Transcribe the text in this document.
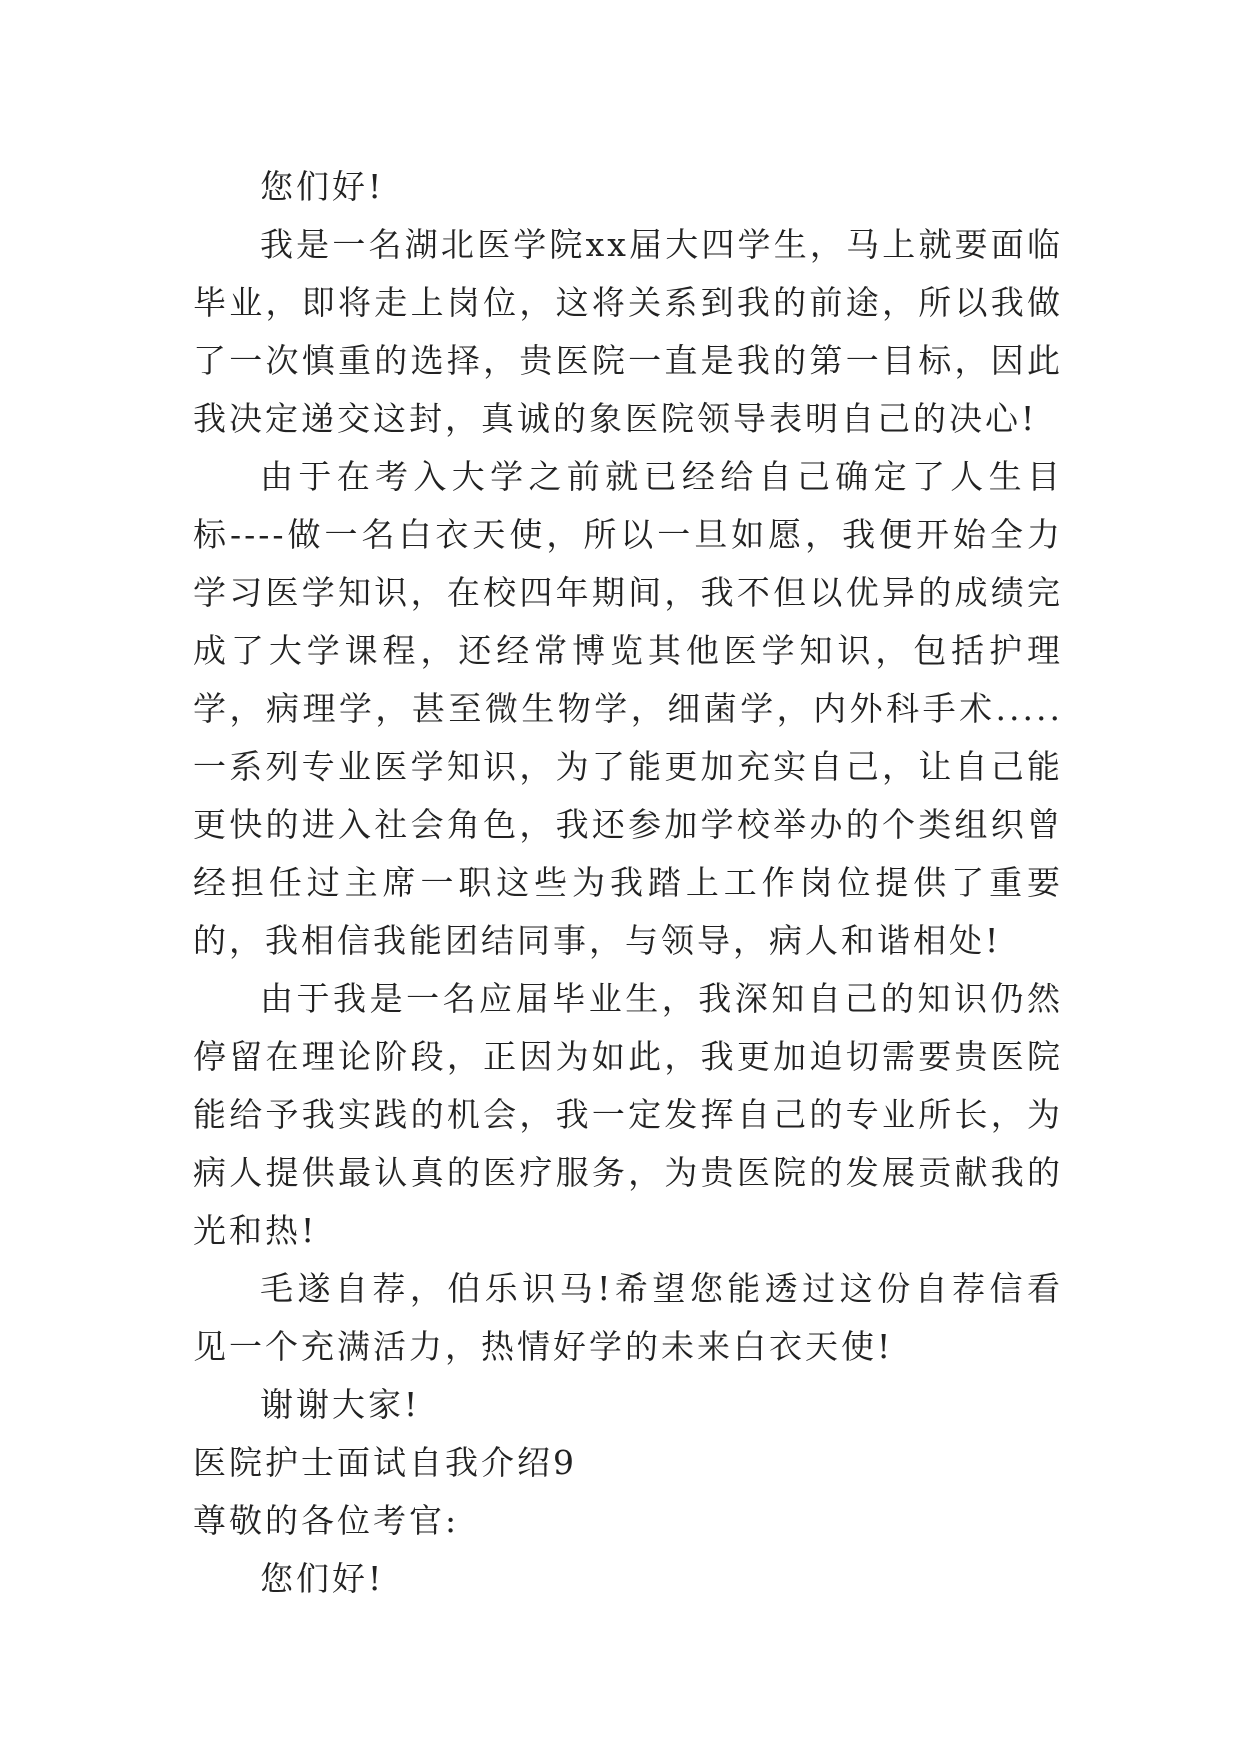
您们好!

我是一名湖北医学院xx届大四学生，马上就要面临毕业，即将走上岗位，这将关系到我的前途，所以我做了一次慎重的选择，贵医院一直是我的第一目标，因此我决定递交这封，真诚的象医院领导表明自己的决心!

由于在考入大学之前就已经给自己确定了人生目标----做一名白衣天使，所以一旦如愿，我便开始全力学习医学知识，在校四年期间，我不但以优异的成绩完成了大学课程，还经常博览其他医学知识，包括护理学，病理学，甚至微生物学，细菌学，内外科手术.....一系列专业医学知识，为了能更加充实自己，让自己能更快的进入社会角色，我还参加学校举办的个类组织曾经担任过主席一职这些为我踏上工作岗位提供了重要的，我相信我能团结同事，与领导，病人和谐相处!

由于我是一名应届毕业生，我深知自己的知识仍然停留在理论阶段，正因为如此，我更加迫切需要贵医院能给予我实践的机会，我一定发挥自己的专业所长，为病人提供最认真的医疗服务，为贵医院的发展贡献我的光和热!

毛遂自荐，伯乐识马!希望您能透过这份自荐信看见一个充满活力，热情好学的未来白衣天使!

谢谢大家!

医院护士面试自我介绍9

尊敬的各位考官:

您们好!
